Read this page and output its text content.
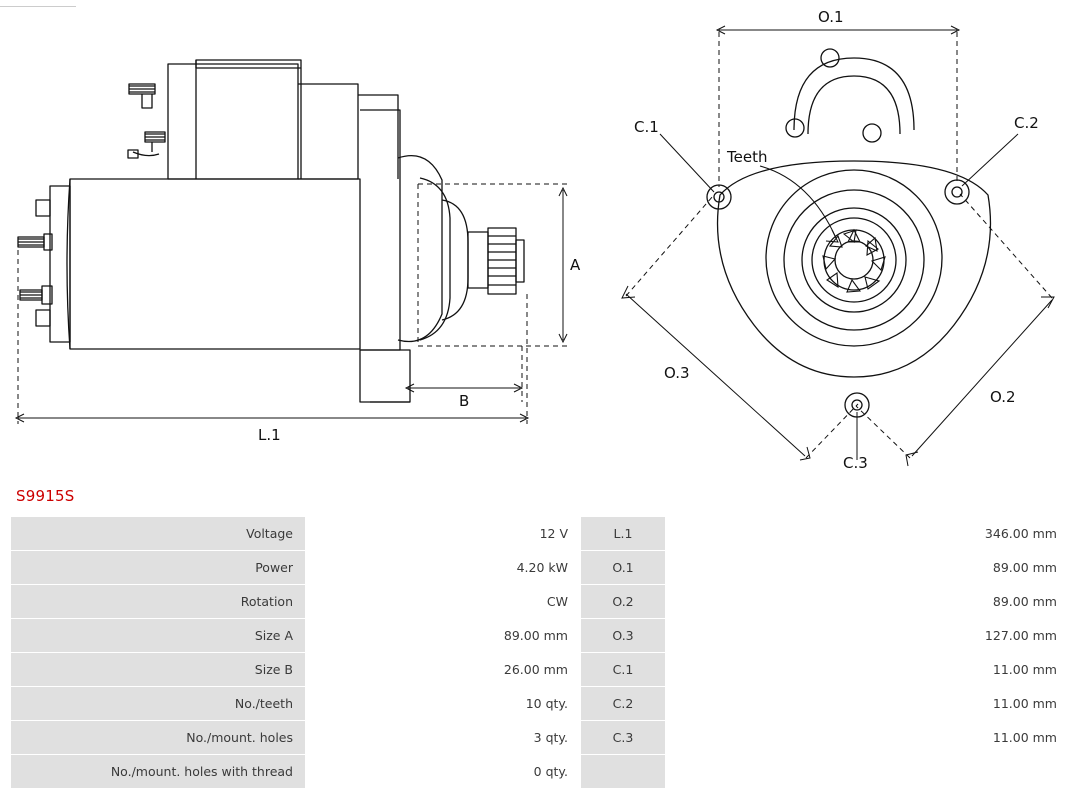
A
B
L.1
O.1
C.1	C.2
C.3
O.3
O.2
Teeth
S9915S
Voltage	12 V	L.1	346.00 mm
Power	4.20 kW	O.1	89.00 mm
Rotation	CW	O.2	89.00 mm
Size A	89.00 mm	O.3	127.00 mm
Size B	26.00 mm	C.1	11.00 mm
No./teeth	10 qty.	C.2	11.00 mm
No./mount. holes	3 qty.	C.3	11.00 mm
No./mount. holes with thread	0 qty.		
